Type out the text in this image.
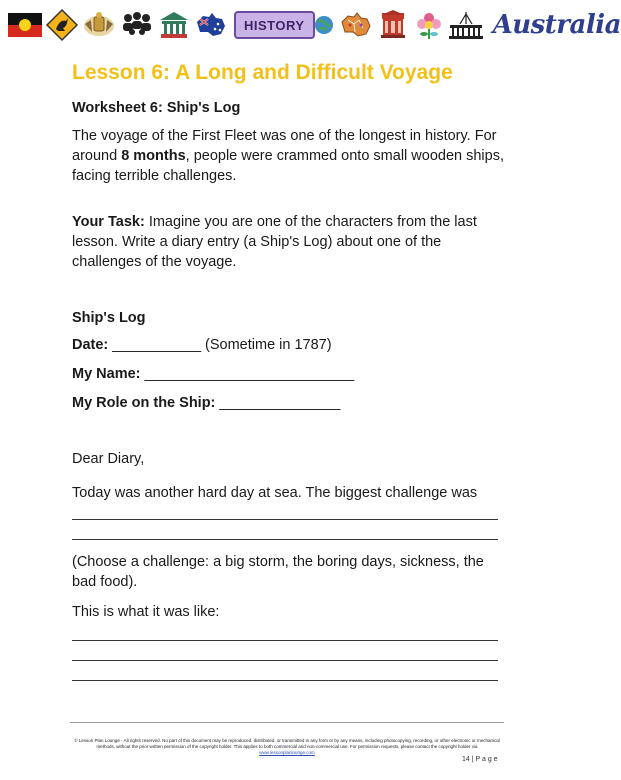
HISTORY	Australia
Lesson 6: A Long and Difficult Voyage
Worksheet 6: Ship's Log

The voyage of the First Fleet was one of the longest in history. For around 8 months, people were crammed onto small wooden ships, facing terrible challenges.

Your Task: Imagine you are one of the characters from the last lesson. Write a diary entry (a Ship's Log) about one of the challenges of the voyage.

Ship's Log
Date: ___________ (Sometime in 1787)
My Name: __________________________
My Role on the Ship: _______________

Dear Diary,

Today was another hard day at sea. The biggest challenge was

(Choose a challenge: a big storm, the boring days, sickness, the bad food).

This is what it was like:

© Lesson Plan Lounge - All rights reserved. No part of this document may be reproduced, distributed, or transmitted in any form or by any means, including photocopying, recording, or other electronic or mechanical methods, without the prior written permission of the copyright holder. This applies to both commercial and non-commercial use. For permission requests, please contact the copyright holder via
www.lessonplanlounge.com
14 | P a g e
